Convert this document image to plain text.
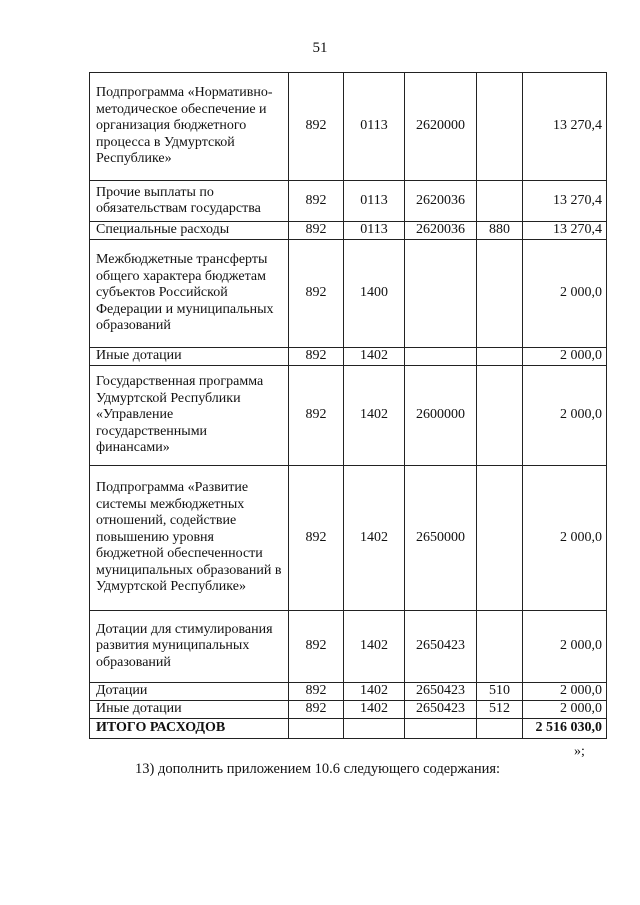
51
Подпрограмма «Нормативно-методическое обеспечение и организация бюджетного процесса в Удмуртской Республике»	892	0113	2620000		13 270,4
Прочие выплаты по обязательствам государства	892	0113	2620036		13 270,4
Специальные расходы	892	0113	2620036	880	13 270,4
Межбюджетные трансферты общего характера бюджетам субъектов Российской Федерации и муниципальных образований	892	1400			2 000,0
Иные дотации	892	1402			2 000,0
Государственная программа Удмуртской Республики «Управление государственными финансами»	892	1402	2600000		2 000,0
Подпрограмма «Развитие системы межбюджетных отношений, содействие повышению уровня бюджетной обеспеченности муниципальных образований в Удмуртской Республике»	892	1402	2650000		2 000,0
Дотации для стимулирования развития муниципальных образований	892	1402	2650423		2 000,0
Дотации	892	1402	2650423	510	2 000,0
Иные дотации	892	1402	2650423	512	2 000,0
ИТОГО РАСХОДОВ					2 516 030,0
»;
13) дополнить приложением 10.6 следующего содержания:
